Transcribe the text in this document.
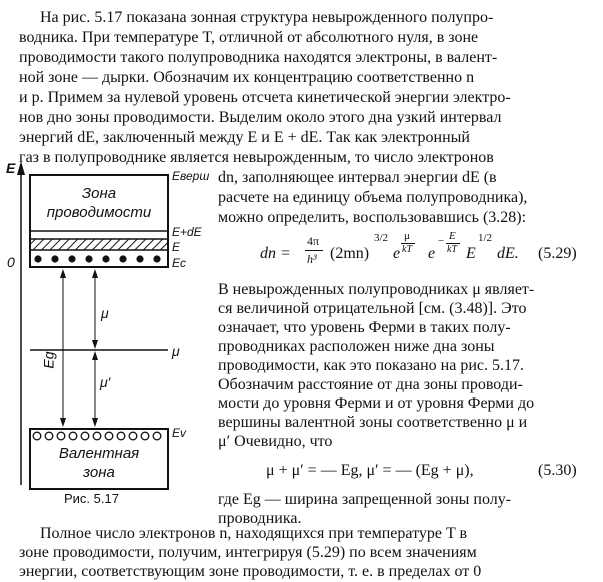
На рис. 5.17 показана зонная структура невырожденного полупро-
водника. При температуре T, отличной от абсолютного нуля, в зоне
проводимости такого полупроводника находятся электроны, в валент-
ной зоне — дырки. Обозначим их концентрацию соответственно n
и p. Примем за нулевой уровень отсчета кинетической энергии электро-
нов дно зоны проводимости. Выделим около этого дна узкий интервал
энергий dE, заключенный между E и E + dE. Так как электронный
газ в полупроводнике является невырожденным, то число электронов
dn, заполняющее интервал энергии dE (в
расчете на единицу объема полупроводника),
можно определить, воспользовавшись (3.28):
dn =
4π
h³ (2mn)
3/2
e
μ
kT e
− E
kT E
1/2
dE. (5.29)
В невырожденных полупроводниках μ являет-
ся величиной отрицательной [см. (3.48)]. Это
означает, что уровень Ферми в таких полу-
проводниках расположен ниже дна зоны
проводимости, как это показано на рис. 5.17.
Обозначим расстояние от дна зоны проводи-
мости до уровня Ферми и от уровня Ферми до
вершины валентной зоны соответственно μ и
μ′ Очевидно, что
μ + μ′ = — Eg, μ′ = — (Eg + μ),	(5.30)
где Eg — ширина запрещенной зоны полу-
проводника.
Полное число электронов n, находящихся при температуре T в
зоне проводимости, получим, интегрируя (5.29) по всем значениям
энергии, соответствующим зоне проводимости, т. е. в пределах от 0
E
Зона
проводимости
Eверш
E+dE
E
Ec
0
μ
μ
μ′
Eg
Ev
Валентная
зона
Рис. 5.17
